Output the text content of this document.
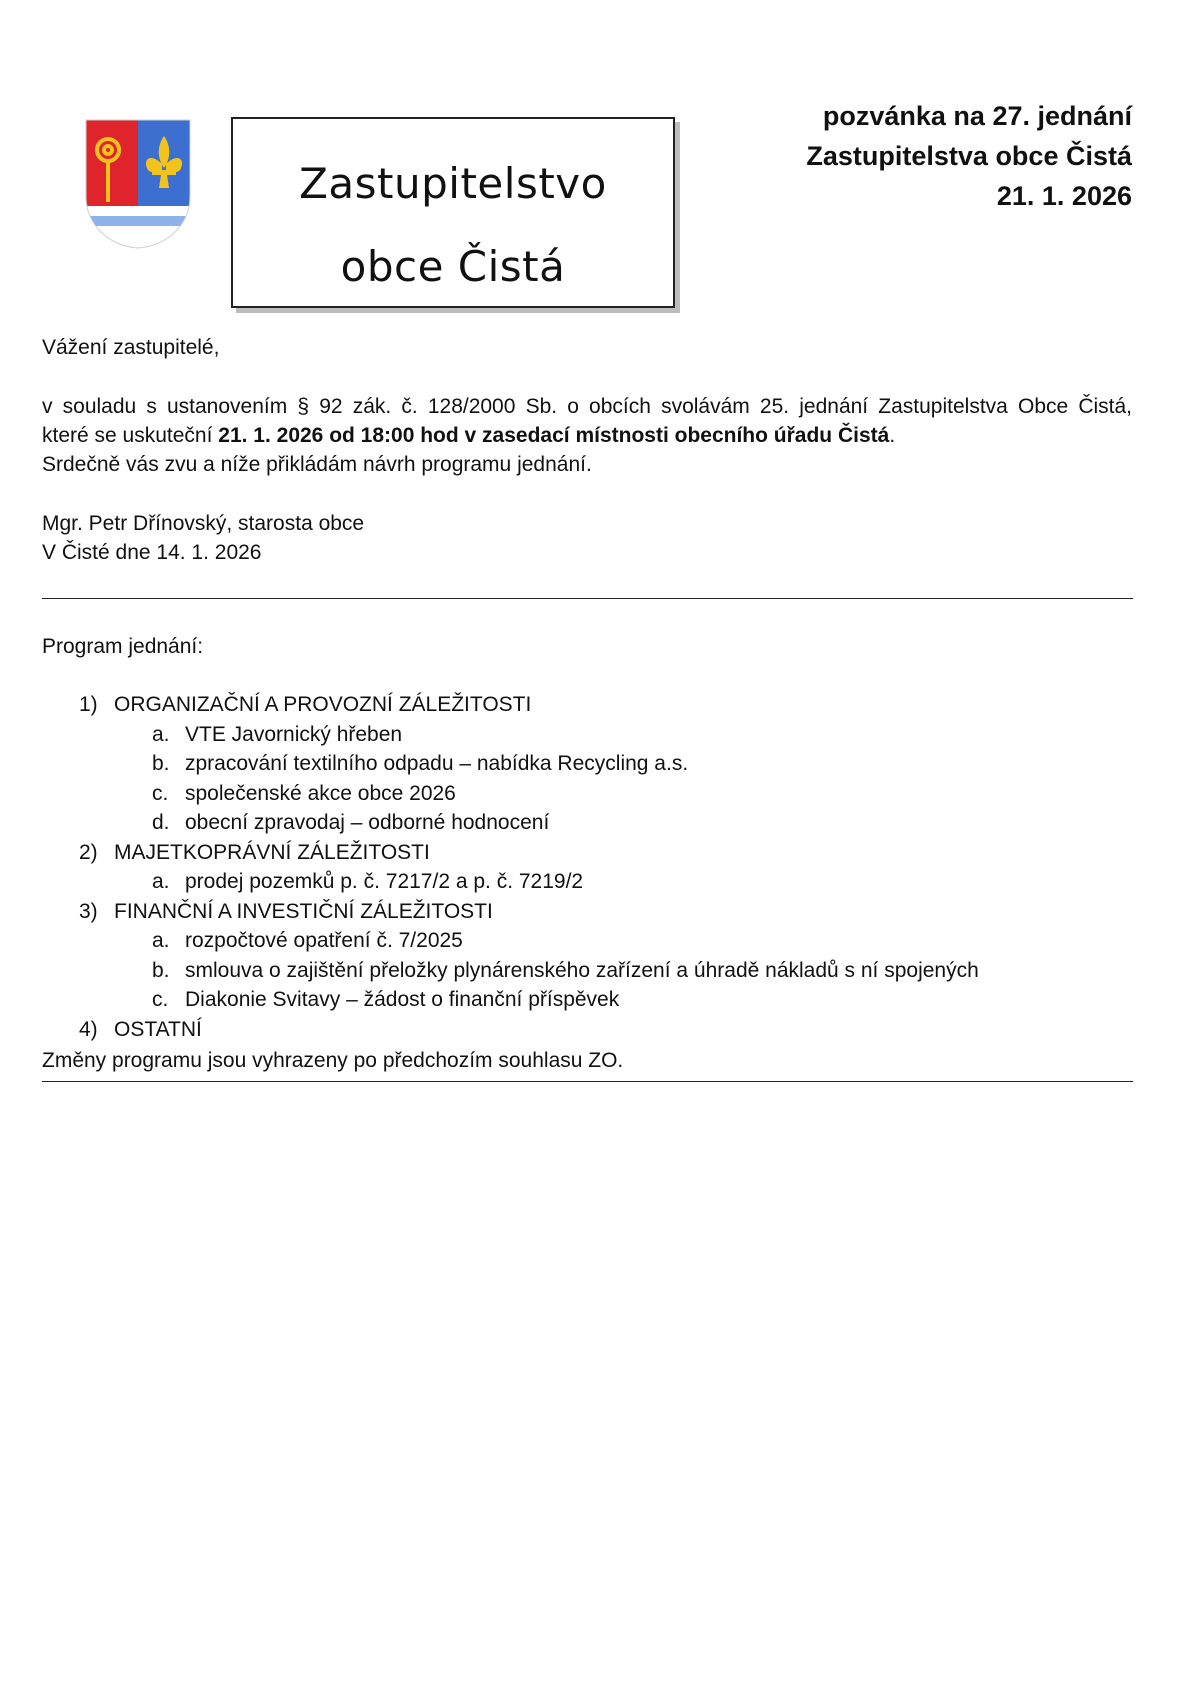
Zastupitelstvo
obce Čistá
pozvánka na 27. jednání
Zastupitelstva obce Čistá
21. 1. 2026
Vážení zastupitelé,
v souladu s ustanovením § 92 zák. č. 128/2000 Sb. o obcích svolávám 25. jednání Zastupitelstva Obce Čistá,
které se uskuteční 21. 1. 2026 od 18:00 hod v zasedací místnosti obecního úřadu Čistá.
Srdečně vás zvu a níže přikládám návrh programu jednání.
Mgr. Petr Dřínovský, starosta obce
V Čisté dne 14. 1. 2026
Program jednání:
1) ORGANIZAČNÍ A PROVOZNÍ ZÁLEŽITOSTI
a. VTE Javornický hřeben
b. zpracování textilního odpadu – nabídka Recycling a.s.
c. společenské akce obce 2026
d. obecní zpravodaj – odborné hodnocení
2) MAJETKOPRÁVNÍ ZÁLEŽITOSTI
a. prodej pozemků p. č. 7217/2 a p. č. 7219/2
3) FINANČNÍ A INVESTIČNÍ ZÁLEŽITOSTI
a. rozpočtové opatření č. 7/2025
b. smlouva o zajištění přeložky plynárenského zařízení a úhradě nákladů s ní spojených
c. Diakonie Svitavy – žádost o finanční příspěvek
4) OSTATNÍ
Změny programu jsou vyhrazeny po předchozím souhlasu ZO.
